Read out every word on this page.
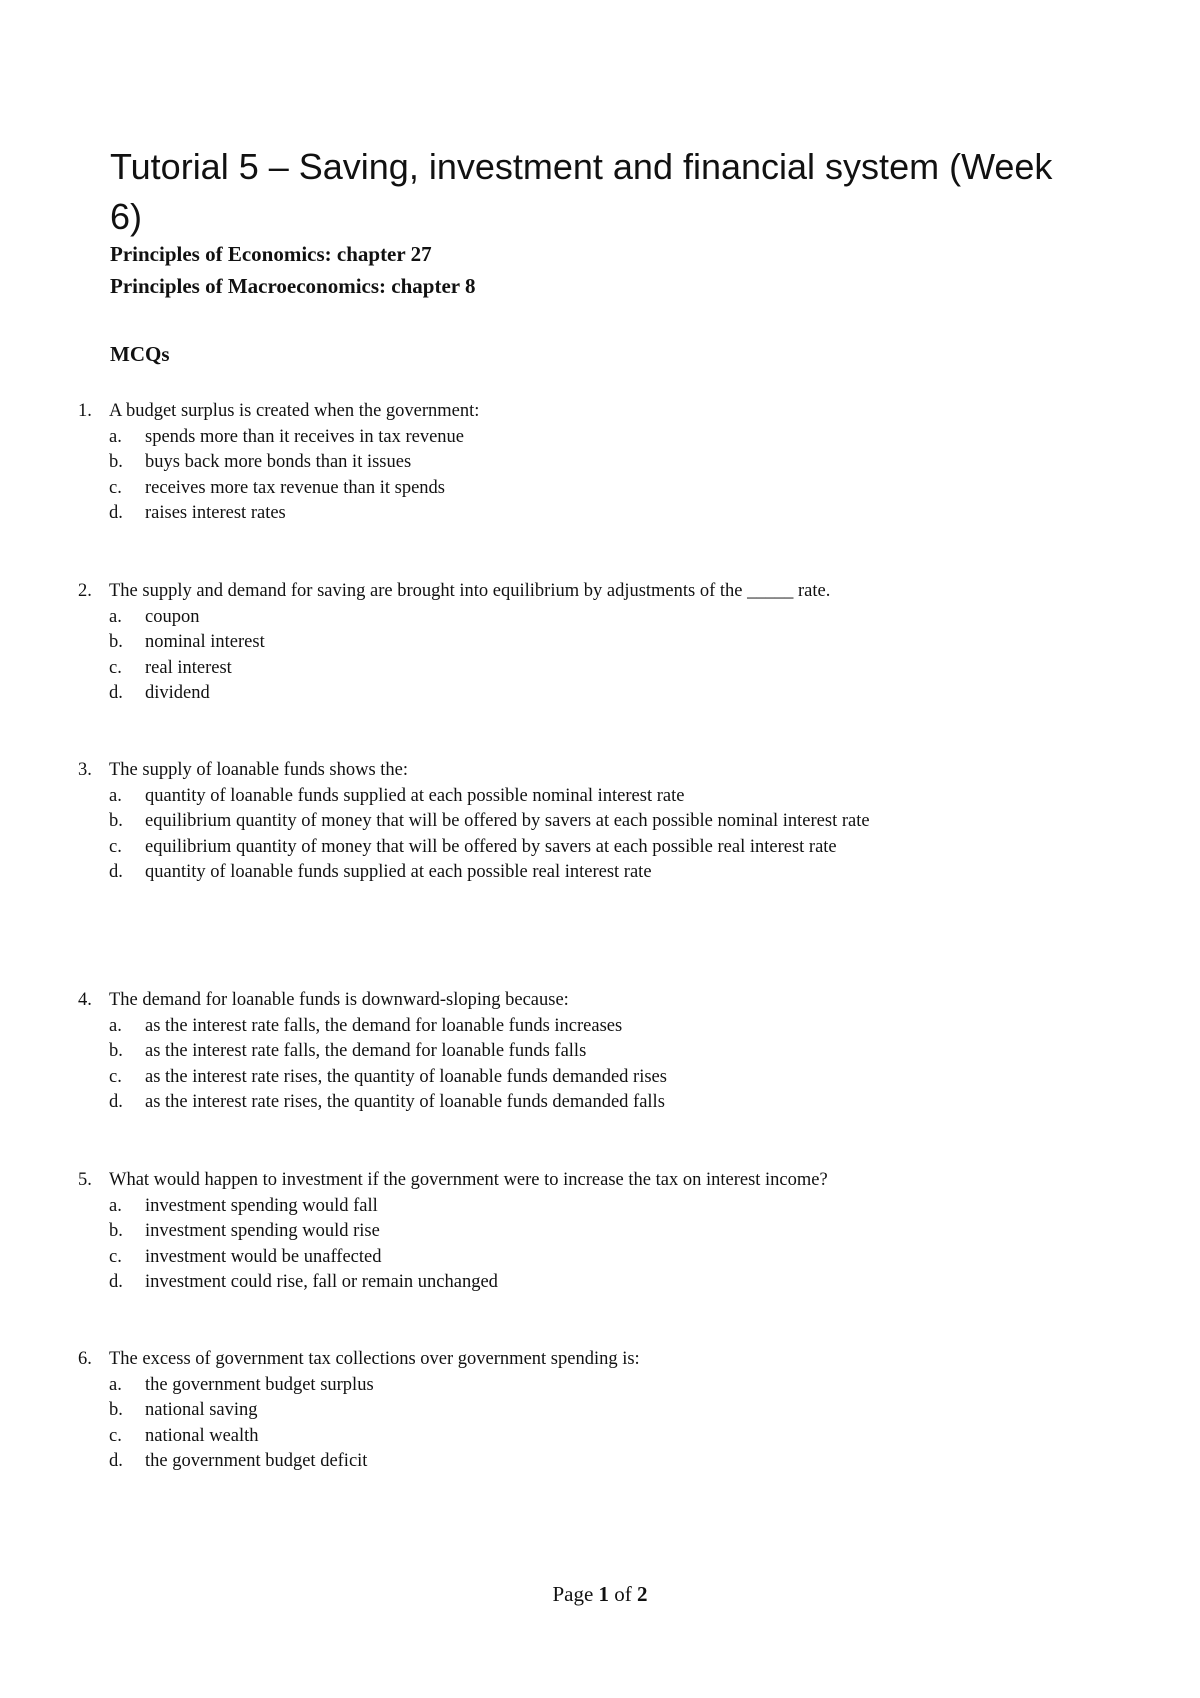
Tutorial 5 – Saving, investment and financial system (Week 6)

Principles of Economics: chapter 27

Principles of Macroeconomics: chapter 8

MCQs

1. A budget surplus is created when the government:
a.	spends more than it receives in tax revenue
b.	buys back more bonds than it issues
c.	receives more tax revenue than it spends
d.	raises interest rates
2. The supply and demand for saving are brought into equilibrium by adjustments of the _____ rate.
a.	coupon
b.	nominal interest
c.	real interest
d.	dividend
3. The supply of loanable funds shows the:
a.	quantity of loanable funds supplied at each possible nominal interest rate
b.	equilibrium quantity of money that will be offered by savers at each possible nominal interest rate
c.	equilibrium quantity of money that will be offered by savers at each possible real interest rate
d.	quantity of loanable funds supplied at each possible real interest rate
4. The demand for loanable funds is downward-sloping because:
a.	as the interest rate falls, the demand for loanable funds increases
b.	as the interest rate falls, the demand for loanable funds falls
c.	as the interest rate rises, the quantity of loanable funds demanded rises
d.	as the interest rate rises, the quantity of loanable funds demanded falls
5. What would happen to investment if the government were to increase the tax on interest income?
a.	investment spending would fall
b.	investment spending would rise
c.	investment would be unaffected
d.	investment could rise, fall or remain unchanged
6. The excess of government tax collections over government spending is:
a.	the government budget surplus
b.	national saving
c.	national wealth
d.	the government budget deficit
Page 1 of 2
